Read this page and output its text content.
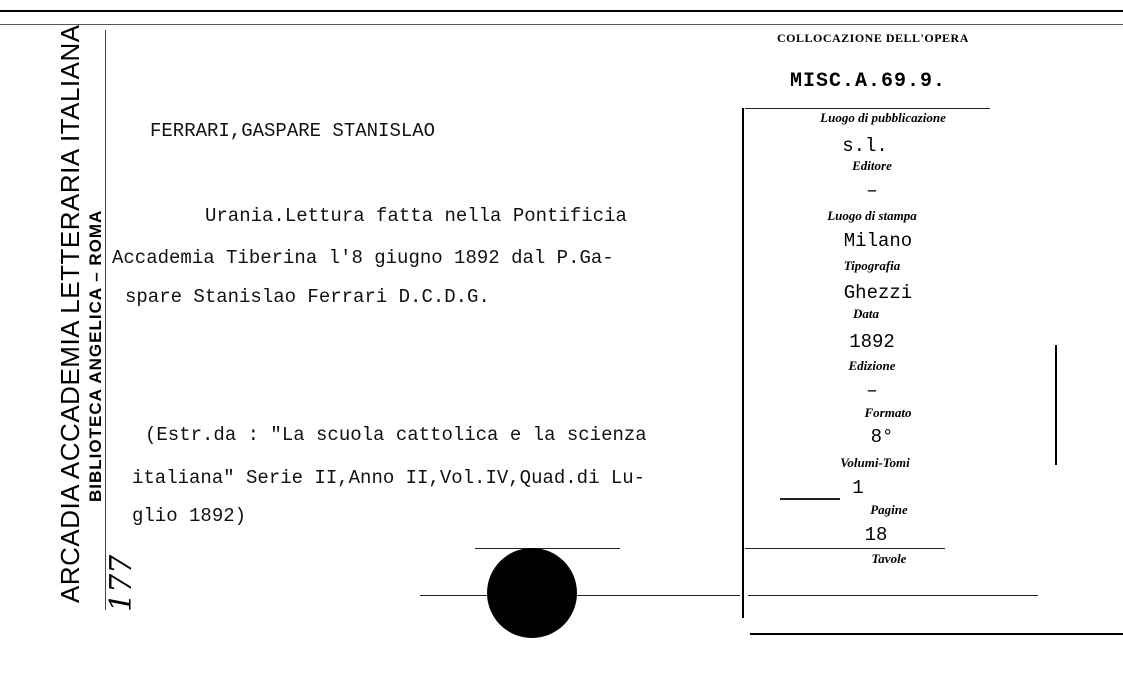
ARCADIA ACCADEMIA LETTERARIA ITALIANA BIBLIOTECA ANGELICA – ROMA
177
COLLOCAZIONE DELL'OPERA
MISC.A.69.9.
FERRARI,GASPARE STANISLAO
Urania.Lettura fatta nella Pontificia
Accademia Tiberina l'8 giugno 1892 dal P.Ga-
spare Stanislao Ferrari D.C.D.G.
(Estr.da : "La scuola cattolica e la scienza
italiana" Serie II,Anno II,Vol.IV,Quad.di Lu-
glio 1892)
Luogo di pubblicazione
s.l.
Editore
–
Luogo di stampa
Milano
Tipografia
Ghezzi
Data
1892
Edizione
–
Formato
8°
Volumi-Tomi
1
Pagine
18
Tavole
